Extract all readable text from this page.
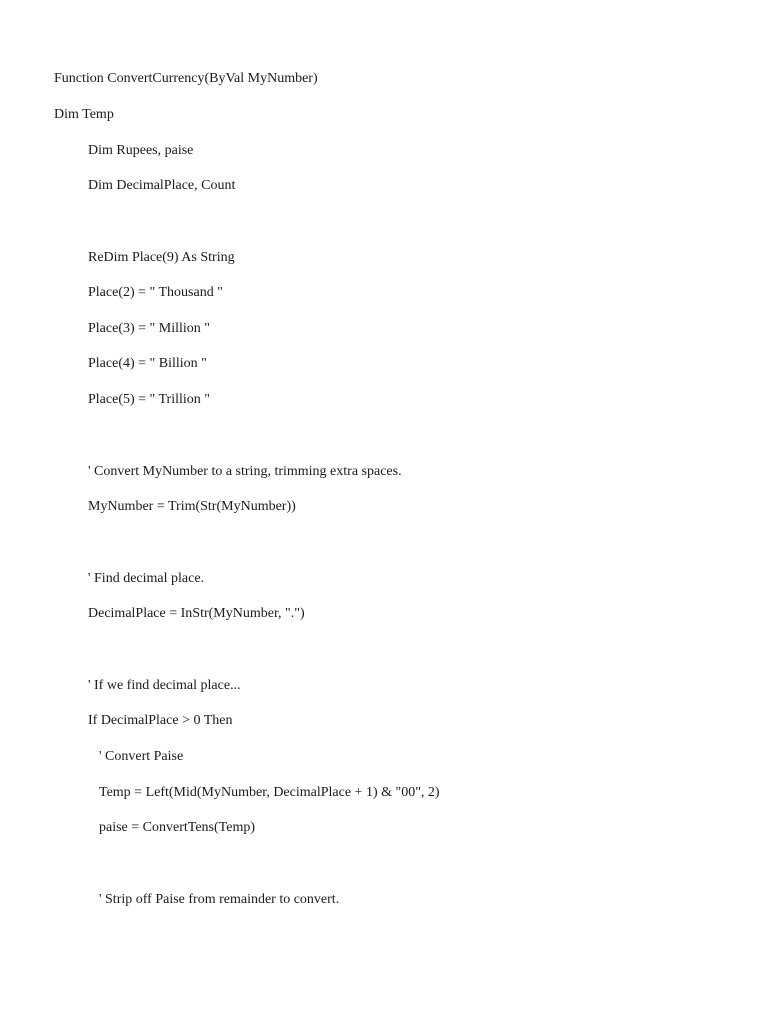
Function ConvertCurrency(ByVal MyNumber)
Dim Temp
Dim Rupees, paise
Dim DecimalPlace, Count
ReDim Place(9) As String
Place(2) = " Thousand "
Place(3) = " Million "
Place(4) = " Billion "
Place(5) = " Trillion "
' Convert MyNumber to a string, trimming extra spaces.
MyNumber = Trim(Str(MyNumber))
' Find decimal place.
DecimalPlace = InStr(MyNumber, ".")
' If we find decimal place...
If DecimalPlace > 0 Then
' Convert Paise
Temp = Left(Mid(MyNumber, DecimalPlace + 1) & "00", 2)
paise = ConvertTens(Temp)
' Strip off Paise from remainder to convert.
